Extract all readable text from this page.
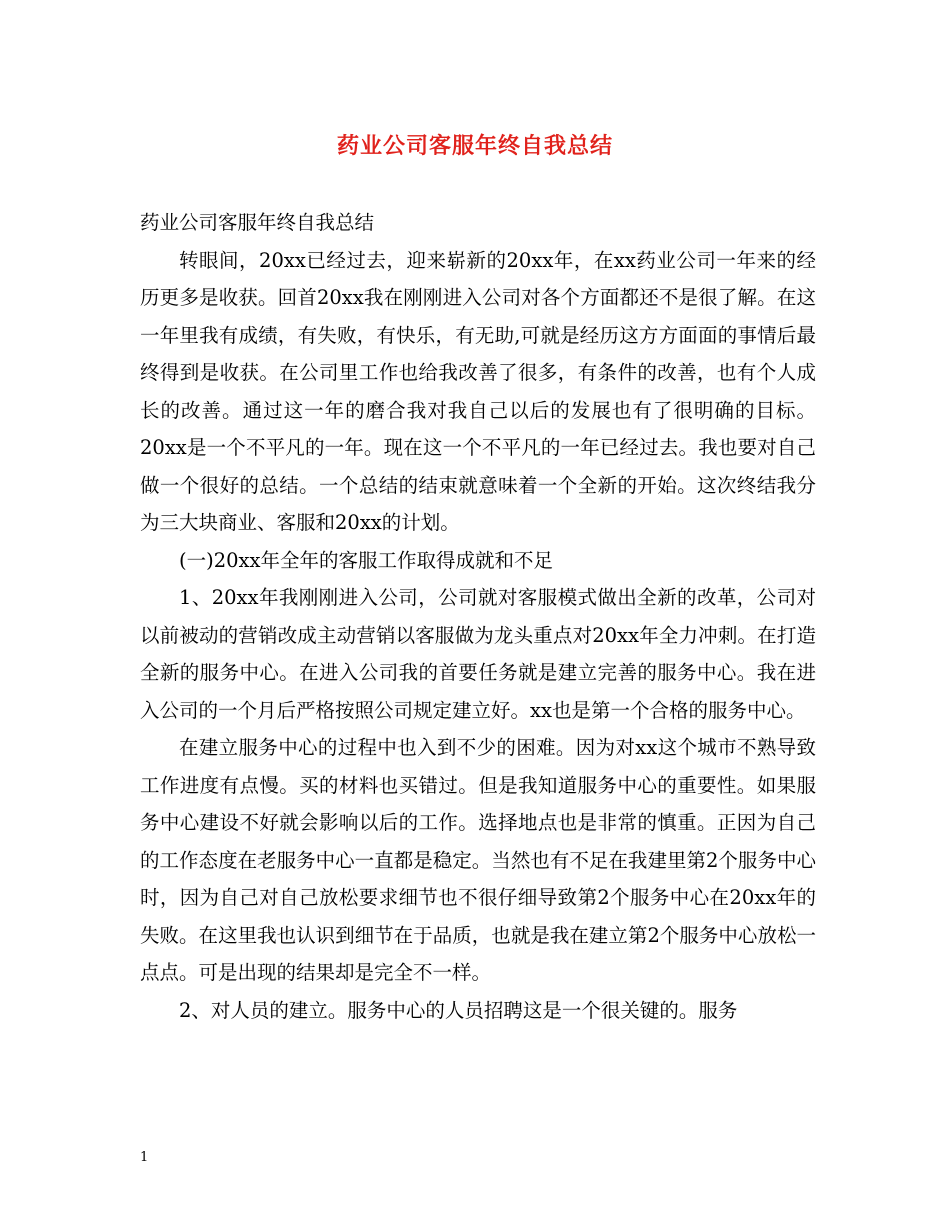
药业公司客服年终自我总结

药业公司客服年终自我总结

转眼间，20xx已经过去，迎来崭新的20xx年，在xx药业公司一年来的经历更多是收获。回首20xx我在刚刚进入公司对各个方面都还不是很了解。在这一年里我有成绩，有失败，有快乐，有无助,可就是经历这方方面面的事情后最终得到是收获。在公司里工作也给我改善了很多，有条件的改善，也有个人成长的改善。通过这一年的磨合我对我自己以后的发展也有了很明确的目标。20xx是一个不平凡的一年。现在这一个不平凡的一年已经过去。我也要对自己做一个很好的总结。一个总结的结束就意味着一个全新的开始。这次终结我分为三大块商业、客服和20xx的计划。

(一)20xx年全年的客服工作取得成就和不足

1、20xx年我刚刚进入公司，公司就对客服模式做出全新的改革，公司对以前被动的营销改成主动营销以客服做为龙头重点对20xx年全力冲刺。在打造全新的服务中心。在进入公司我的首要任务就是建立完善的服务中心。我在进入公司的一个月后严格按照公司规定建立好。xx也是第一个合格的服务中心。

在建立服务中心的过程中也入到不少的困难。因为对xx这个城市不熟导致工作进度有点慢。买的材料也买错过。但是我知道服务中心的重要性。如果服务中心建设不好就会影响以后的工作。选择地点也是非常的慎重。正因为自己的工作态度在老服务中心一直都是稳定。当然也有不足在我建里第2个服务中心时，因为自己对自己放松要求细节也不很仔细导致第2个服务中心在20xx年的失败。在这里我也认识到细节在于品质，也就是我在建立第2个服务中心放松一点点。可是出现的结果却是完全不一样。

2、对人员的建立。服务中心的人员招聘这是一个很关键的。服务

1
